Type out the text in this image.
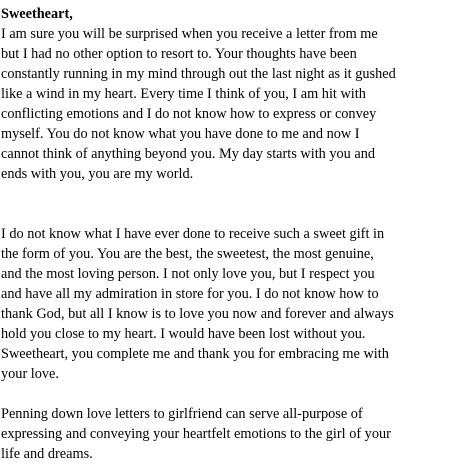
Sweetheart,
I am sure you will be surprised when you receive a letter from me
but I had no other option to resort to. Your thoughts have been
constantly running in my mind through out the last night as it gushed
like a wind in my heart. Every time I think of you, I am hit with
conflicting emotions and I do not know how to express or convey
myself. You do not know what you have done to me and now I
cannot think of anything beyond you. My day starts with you and
ends with you, you are my world.
I do not know what I have ever done to receive such a sweet gift in
the form of you. You are the best, the sweetest, the most genuine,
and the most loving person. I not only love you, but I respect you
and have all my admiration in store for you. I do not know how to
thank God, but all I know is to love you now and forever and always
hold you close to my heart. I would have been lost without you.
Sweetheart, you complete me and thank you for embracing me with
your love.
Penning down love letters to girlfriend can serve all-purpose of
expressing and conveying your heartfelt emotions to the girl of your
life and dreams.
